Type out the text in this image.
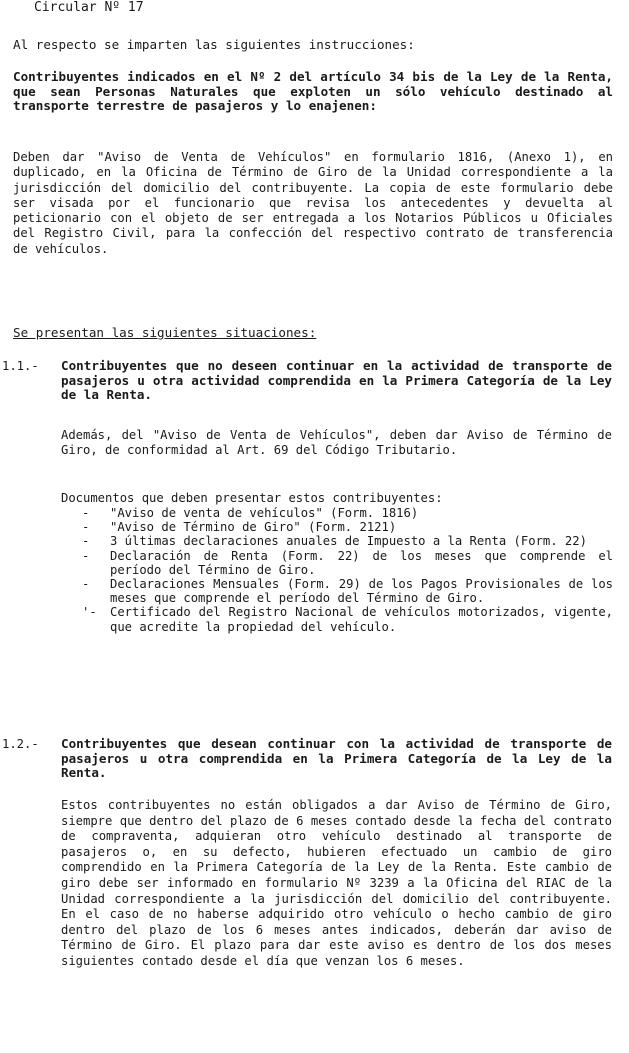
Circular Nº 17
Al respecto se imparten las siguientes instrucciones:
Contribuyentes indicados en el Nº 2 del artículo 34 bis de la Ley de la Renta, que sean Personas Naturales que exploten un sólo vehículo destinado al transporte terrestre de pasajeros y lo enajenen:
Deben dar "Aviso de Venta de Vehículos" en formulario 1816, (Anexo 1), en duplicado, en la Oficina de Término de Giro de la Unidad correspondiente a la jurisdicción del domicilio del contribuyente. La copia de este formulario debe ser visada por el funcionario que revisa los antecedentes y devuelta al peticionario con el objeto de ser entregada a los Notarios Públicos u Oficiales del Registro Civil, para la confección del respectivo contrato de transferencia de vehículos.
Se presentan las siguientes situaciones:
1.1.- Contribuyentes que no deseen continuar en la actividad de transporte de pasajeros u otra actividad comprendida en la Primera Categoría de la Ley de la Renta.
Además, del "Aviso de Venta de Vehículos", deben dar Aviso de Término de Giro, de conformidad al Art. 69 del Código Tributario.
Documentos que deben presentar estos contribuyentes:
- "Aviso de venta de vehículos" (Form. 1816)
- "Aviso de Término de Giro" (Form. 2121)
- 3 últimas declaraciones anuales de Impuesto a la Renta (Form. 22)
- Declaración de Renta (Form. 22) de los meses que comprende el período del Término de Giro.
- Declaraciones Mensuales (Form. 29) de los Pagos Provisionales de los meses que comprende el período del Término de Giro.
'- Certificado del Registro Nacional de vehículos motorizados, vigente, que acredite la propiedad del vehículo.
1.2.- Contribuyentes que desean continuar con la actividad de transporte de pasajeros u otra comprendida en la Primera Categoría de la Ley de la Renta.
Estos contribuyentes no están obligados a dar Aviso de Término de Giro, siempre que dentro del plazo de 6 meses contado desde la fecha del contrato de compraventa, adquieran otro vehículo destinado al transporte de pasajeros o, en su defecto, hubieren efectuado un cambio de giro comprendido en la Primera Categoría de la Ley de la Renta. Este cambio de giro debe ser informado en formulario Nº 3239 a la Oficina del RIAC de la Unidad correspondiente a la jurisdicción del domicilio del contribuyente. En el caso de no haberse adquirido otro vehículo o hecho cambio de giro dentro del plazo de los 6 meses antes indicados, deberán dar aviso de Término de Giro. El plazo para dar este aviso es dentro de los dos meses siguientes contado desde el día que venzan los 6 meses.
